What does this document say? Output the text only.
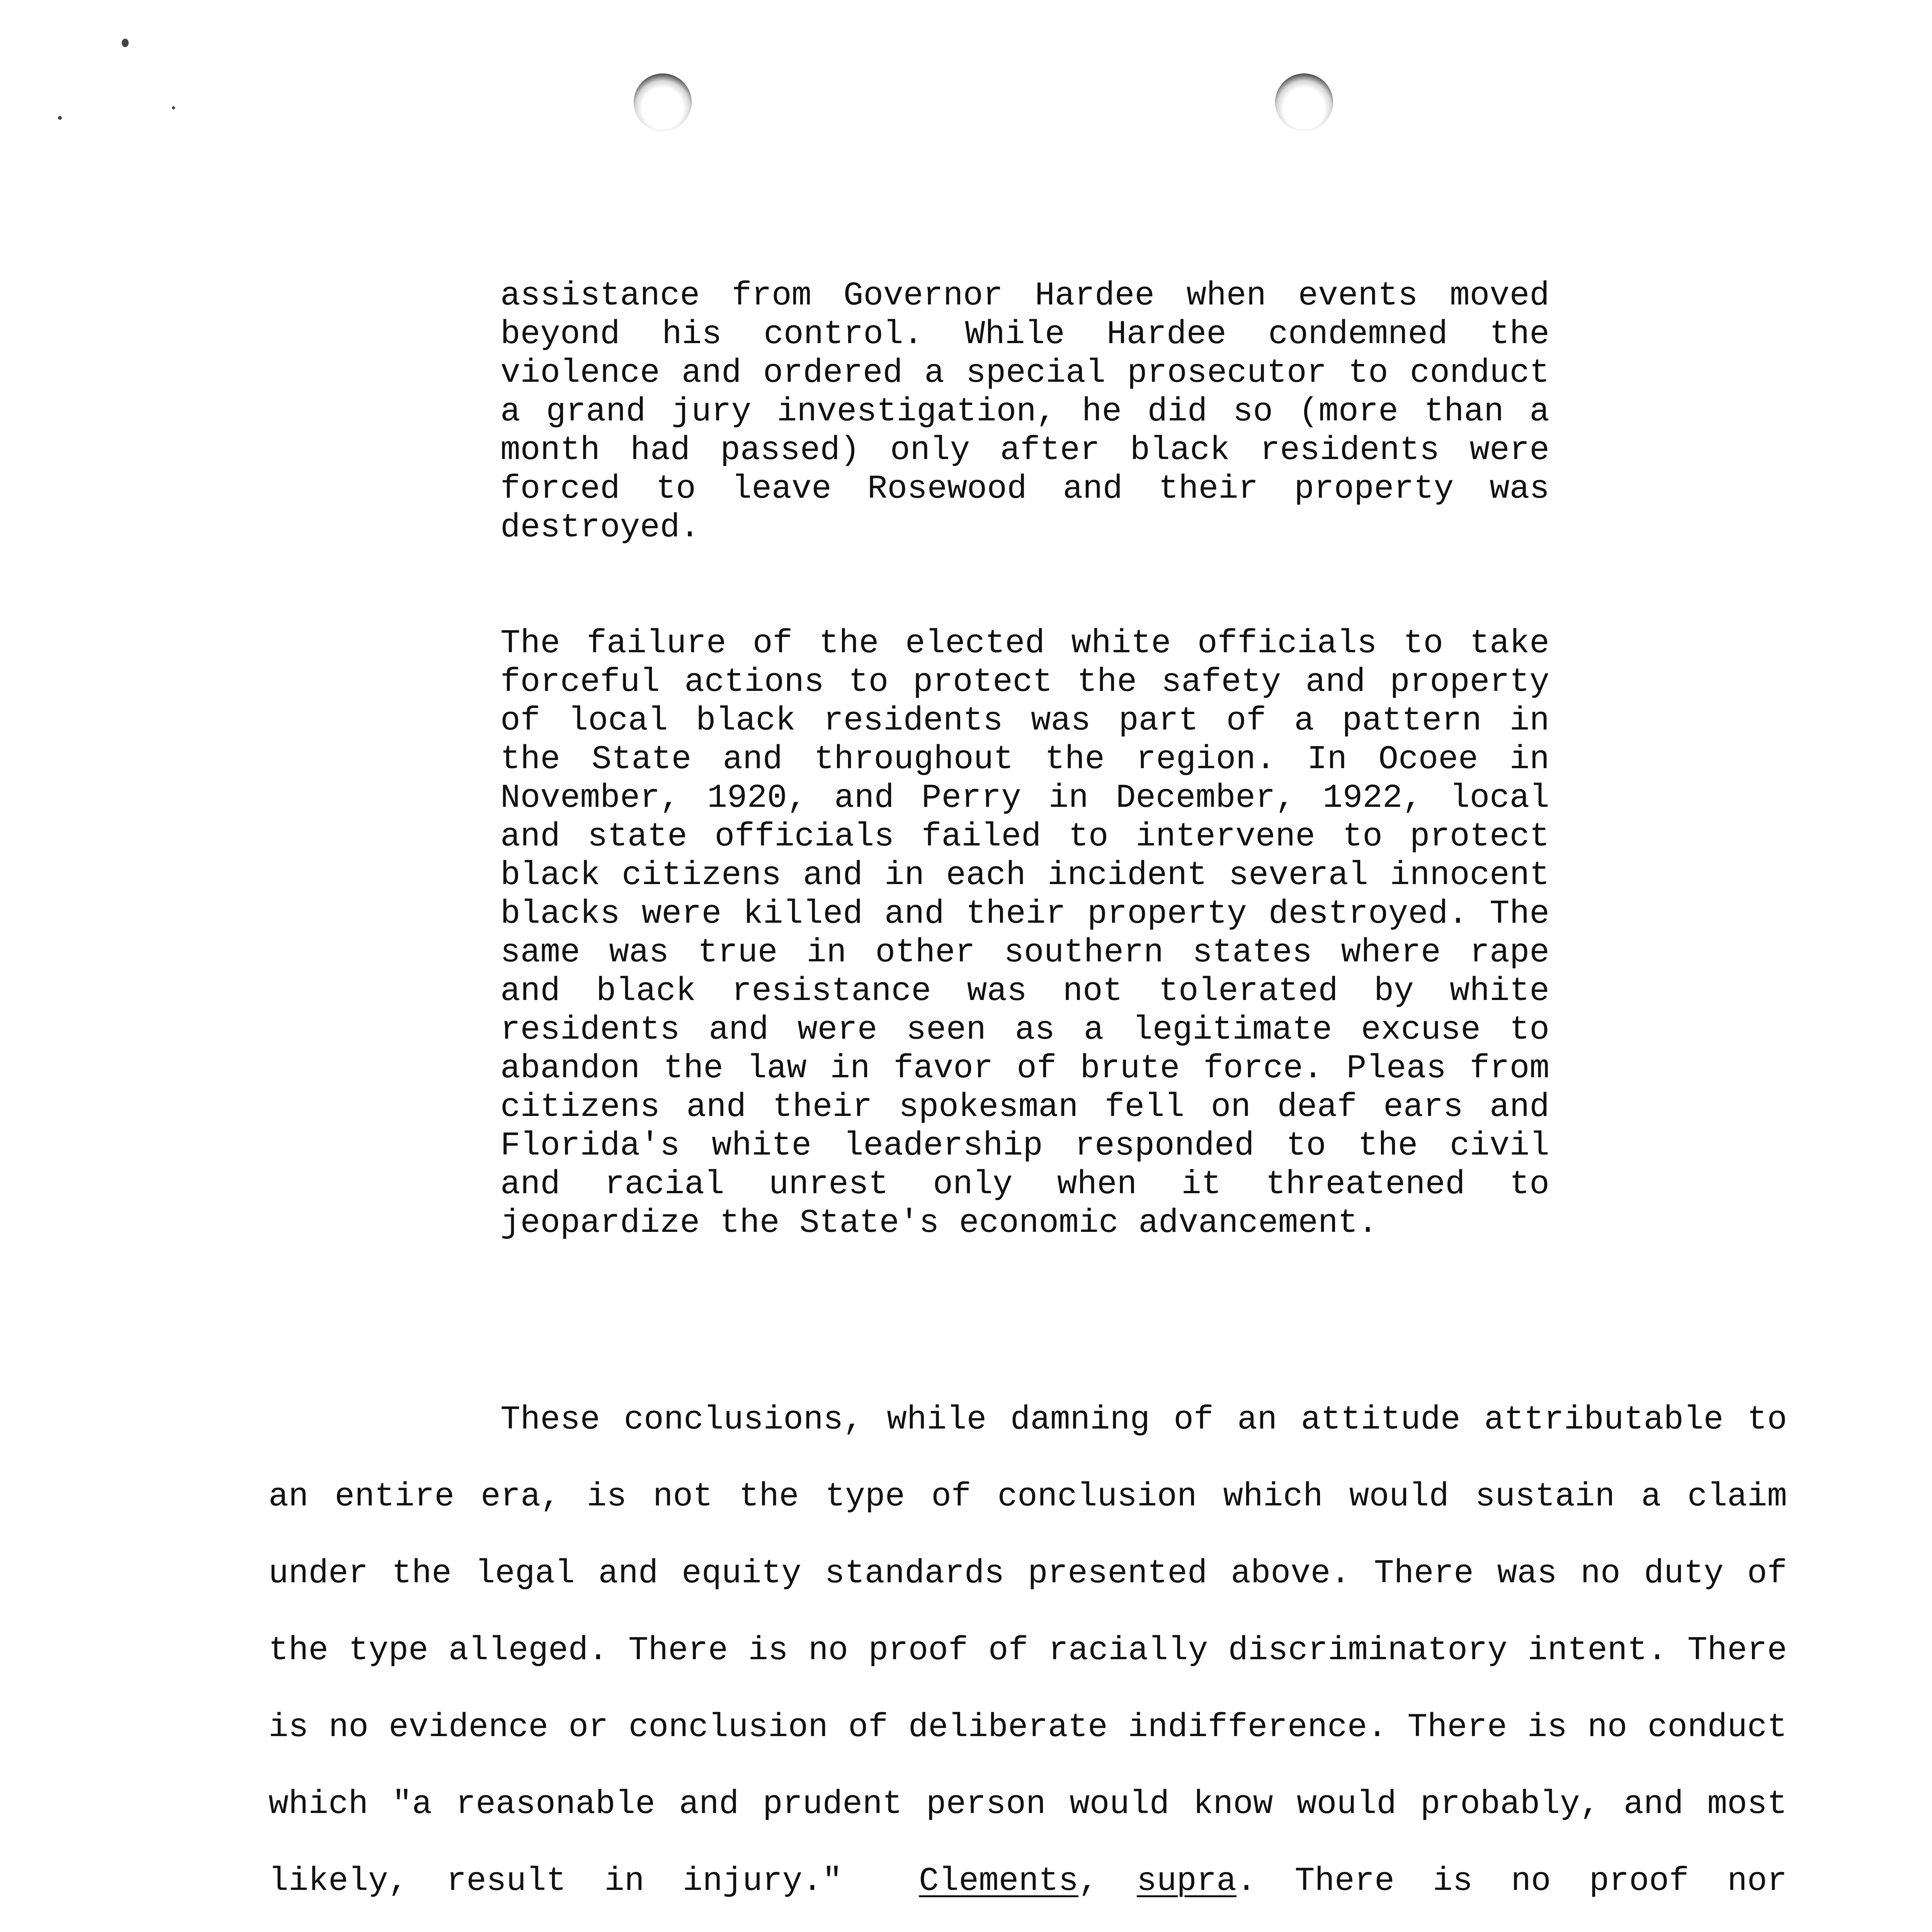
assistance from Governor Hardee when events moved beyond his control. While Hardee condemned the violence and ordered a special prosecutor to conduct a grand jury investigation, he did so (more than a month had passed) only after black residents were forced to leave Rosewood and their property was destroyed.
The failure of the elected white officials to take forceful actions to protect the safety and property of local black residents was part of a pattern in the State and throughout the region. In Ocoee in November, 1920, and Perry in December, 1922, local and state officials failed to intervene to protect black citizens and in each incident several innocent blacks were killed and their property destroyed. The same was true in other southern states where rape and black resistance was not tolerated by white residents and were seen as a legitimate excuse to abandon the law in favor of brute force. Pleas from citizens and their spokesman fell on deaf ears and Florida's white leadership responded to the civil and racial unrest only when it threatened to jeopardize the State's economic advancement.
These conclusions, while damning of an attitude attributable to an entire era, is not the type of conclusion which would sustain a claim under the legal and equity standards presented above. There was no duty of the type alleged. There is no proof of racially discriminatory intent. There is no evidence or conclusion of deliberate indifference. There is no conduct which "a reasonable and prudent person would know would probably, and most likely, result in injury." Clements, supra. There is no proof nor
